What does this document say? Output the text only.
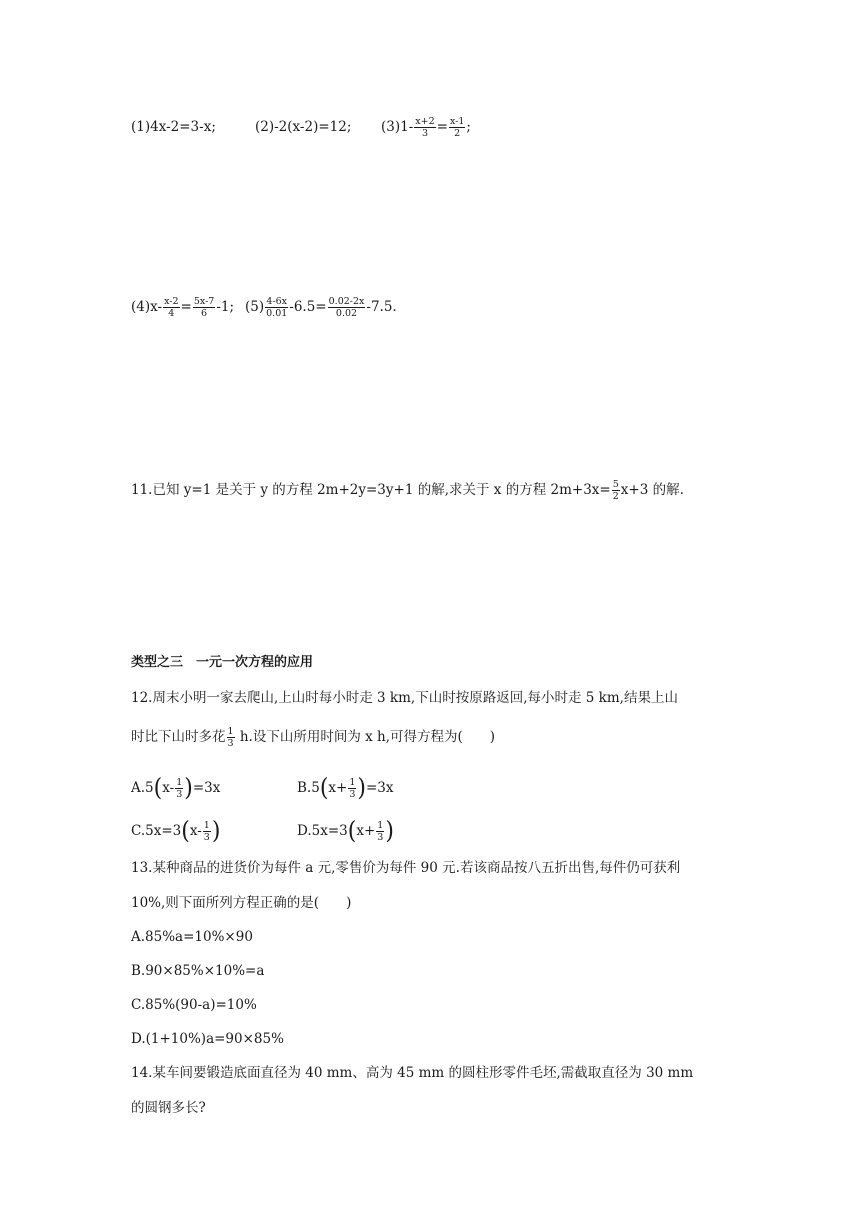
(1)4x-2=3-x;	(2)-2(x-2)=12; $(3)1- \frac{x+2}{3} = \frac{x-1}{2}$ ;
$(4)x- \frac{x-2}{4} = \frac{5x-7}{6} -1$; $(5) \frac{4-6x}{0.01} -6.5= \frac{0.02-2x}{0.02} -7.5$.
11.已知 y=1 是关于 y 的方程 2m+2y=3y+1 的解,求关于 x 的方程 $2m+3x= \frac{5}{2} x+3$ 的解.
类型之三　一元一次方程的应用
12.周末小明一家去爬山,上山时每小时走 3 km,下山时按原路返回,每小时走 5 km,结果上山
时比下山时多花 $\frac{1}{3} h$.设下山所用时间为 x h,可得方程为(　　)
$A.5(x- \frac{1}{3} )=3x$	$B.5(x+ \frac{1}{3} )=3x$
$C.5x=3(x- \frac{1}{3}$ )	$D.5x=3(x+ \frac{1}{3}$ )
13.某种商品的进货价为每件 a 元,零售价为每件 90 元.若该商品按八五折出售,每件仍可获利
10%,则下面所列方程正确的是(　　)
A.85%a=10%×90
B.90×85%×10%=a
C.85%(90-a)=10%
D.(1+10%)a=90×85%
14.某车间要锻造底面直径为 40 mm、高为 45 mm 的圆柱形零件毛坯,需截取直径为 30 mm
的圆钢多长?
